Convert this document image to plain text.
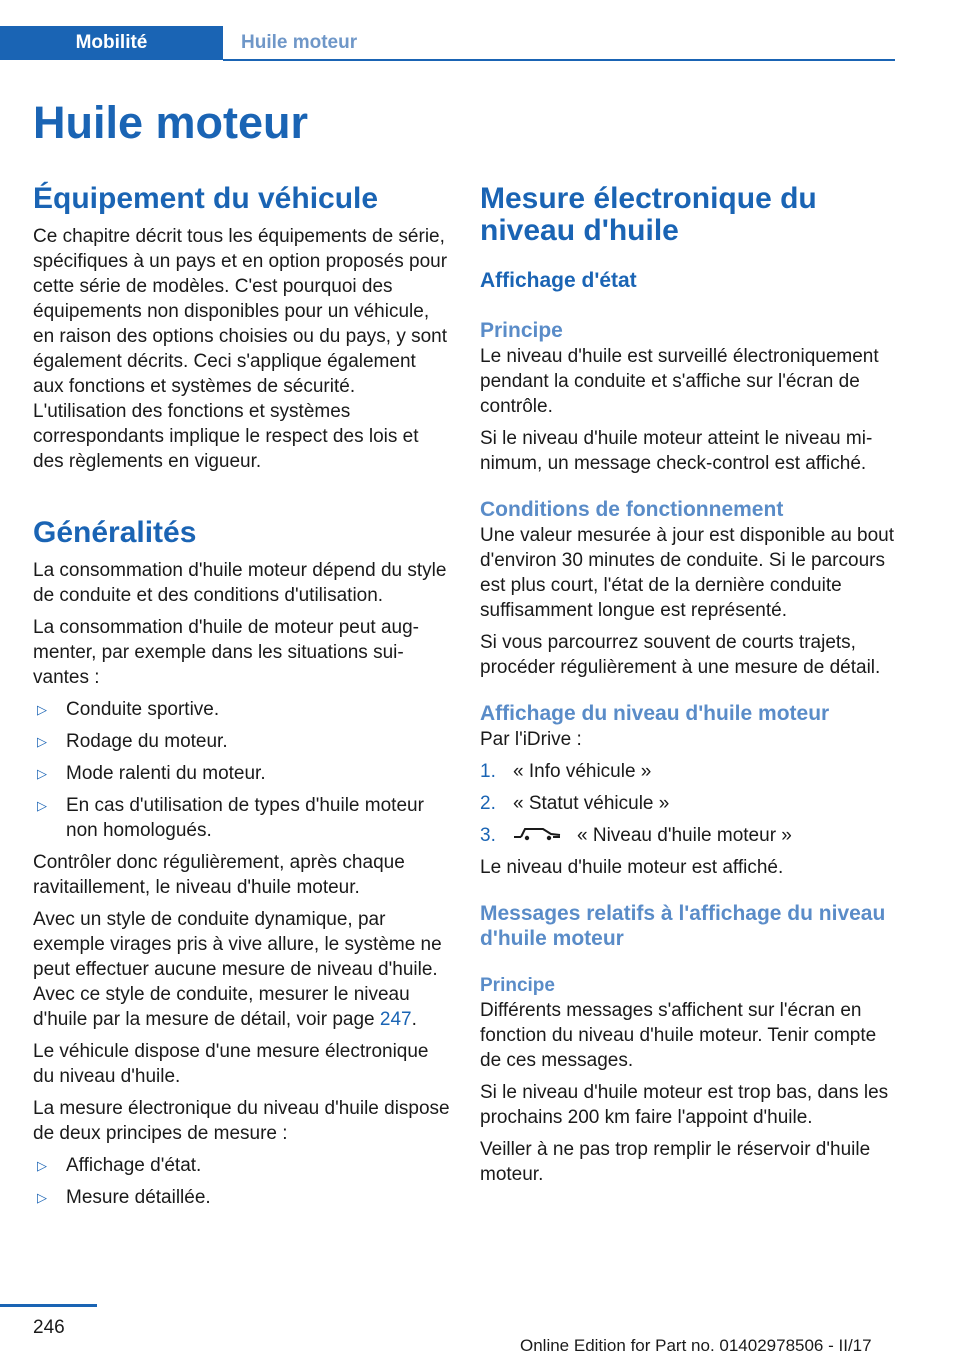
Mobilité	Huile moteur
Huile moteur
Équipement du véhicule

Ce chapitre décrit tous les équipements de série, spécifiques à un pays et en option proposés pour cette série de modèles. C'est pourquoi des équipements non disponibles pour un véhicule, en raison des options choisies ou du pays, y sont également décrits. Ceci s'applique également aux fonctions et systèmes de sécurité. L'utilisation des fonctions et systèmes correspondants implique le respect des lois et des règlements en vigueur.

Généralités

La consommation d'huile moteur dépend du style de conduite et des conditions d'utilisation.

La consommation d'huile de moteur peut augmenter, par exemple dans les situations suivantes :

▷ Conduite sportive.
▷ Rodage du moteur.
▷ Mode ralenti du moteur.
▷ En cas d'utilisation de types d'huile moteur non homologués.

Contrôler donc régulièrement, après chaque ravitaillement, le niveau d'huile moteur.

Avec un style de conduite dynamique, par exemple virages pris à vive allure, le système ne peut effectuer aucune mesure de niveau d'huile. Avec ce style de conduite, mesurer le niveau d'huile par la mesure de détail, voir page 247.

Le véhicule dispose d'une mesure électronique du niveau d'huile.

La mesure électronique du niveau d'huile dispose de deux principes de mesure :

▷ Affichage d'état.
▷ Mesure détaillée.
Mesure électronique du niveau d'huile
Affichage d'état
Principe

Le niveau d'huile est surveillé électroniquement pendant la conduite et s'affiche sur l'écran de contrôle.

Si le niveau d'huile moteur atteint le niveau minimum, un message check-control est affiché.

Conditions de fonctionnement

Une valeur mesurée à jour est disponible au bout d'environ 30 minutes de conduite. Si le parcours est plus court, l'état de la dernière conduite suffisamment longue est représenté.

Si vous parcourrez souvent de courts trajets, procéder régulièrement à une mesure de détail.

Affichage du niveau d'huile moteur

Par l'iDrive :

1. « Info véhicule »
2. « Statut véhicule »
3.	« Niveau d'huile moteur »

Le niveau d'huile moteur est affiché.

Messages relatifs à l'affichage du niveau d'huile moteur
Principe

Différents messages s'affichent sur l'écran en fonction du niveau d'huile moteur. Tenir compte de ces messages.

Si le niveau d'huile moteur est trop bas, dans les prochains 200 km faire l'appoint d'huile.

Veiller à ne pas trop remplir le réservoir d'huile moteur.

246
Online Edition for Part no. 01402978506 - II/17
